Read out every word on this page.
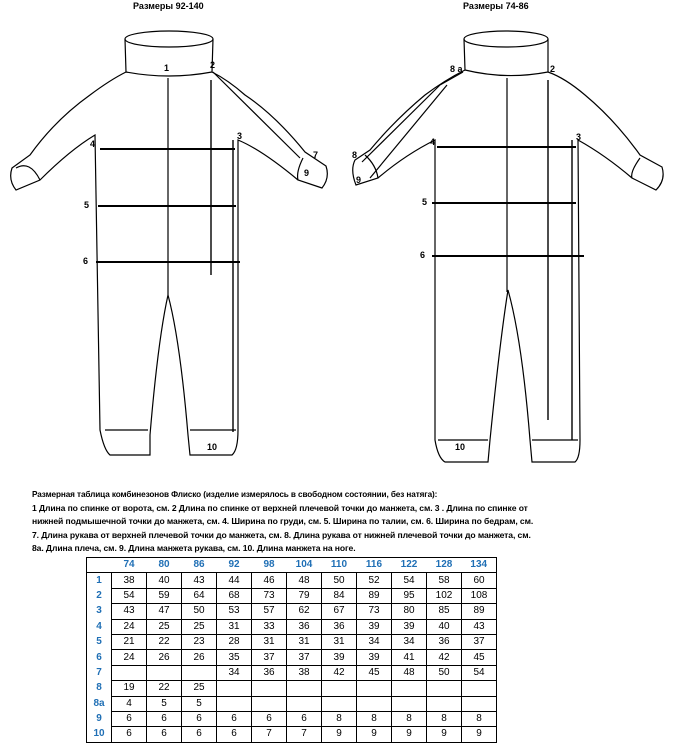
Размеры 92-140	Размеры 74-86
1	2
3
4
5
6
7
9
10
8 а	2
3
4
5
6
8
9
10

Размерная таблица комбинезонов Флиско (изделие измерялось в свободном состоянии, без натяга):

1 Длина по спинке от ворота, см. 2 Длина по спинке от верхней плечевой точки до манжета, см. 3 . Длина по спинке от

нижней подмышечной точки до манжета, см. 4. Ширина по груди, см. 5. Ширина по талии, см. 6. Ширина по бедрам, см.

7. Длина рукава от верхней плечевой точки до манжета, см. 8. Длина рукава от нижней плечевой точки до манжета, см.

8а. Длина плеча, см. 9. Длина манжета рукава, см. 10. Длина манжета на ноге.

	74	80	86	92	98	104	110	116	122	128	134
1	38	40	43	44	46	48	50	52	54	58	60
2	54	59	64	68	73	79	84	89	95	102	108
3	43	47	50	53	57	62	67	73	80	85	89
4	24	25	25	31	33	36	36	39	39	40	43
5	21	22	23	28	31	31	31	34	34	36	37
6	24	26	26	35	37	37	39	39	41	42	45
7				34	36	38	42	45	48	50	54
8	19	22	25								
8а	4	5	5								
9	6	6	6	6	6	6	8	8	8	8	8
10	6	6	6	6	7	7	9	9	9	9	9
